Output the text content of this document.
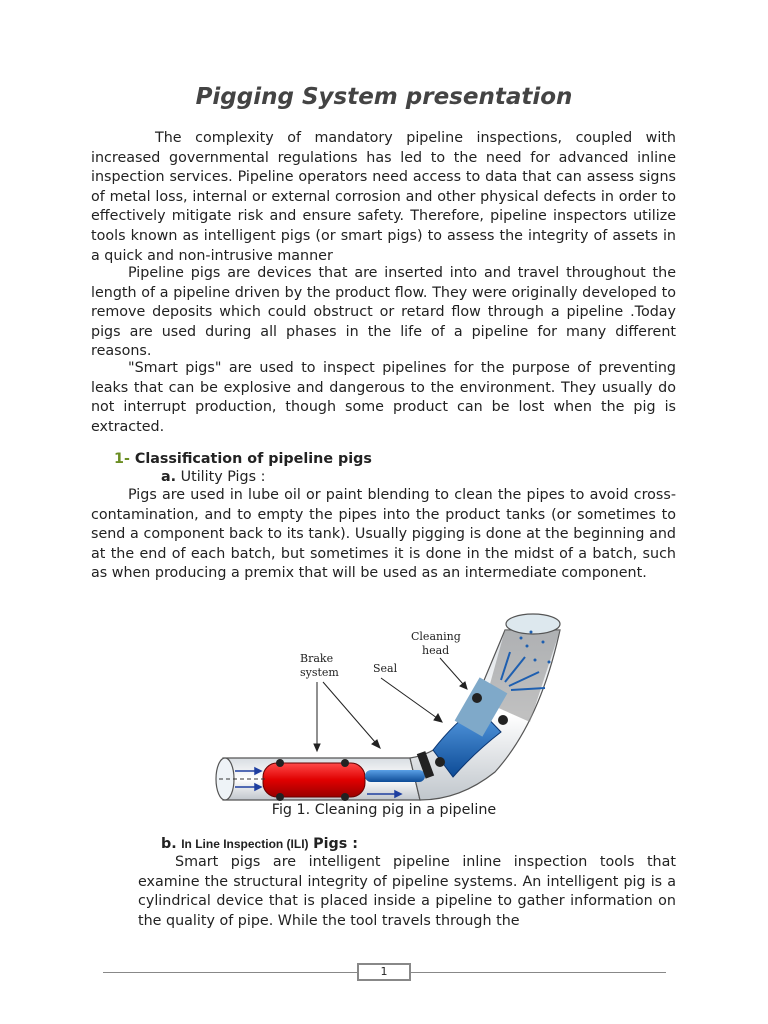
Pigging System presentation

The complexity of mandatory pipeline inspections, coupled with increased governmental regulations has led to the need for advanced inline inspection services. Pipeline operators need access to data that can assess signs of metal loss, internal or external corrosion and other physical defects in order to effectively mitigate risk and ensure safety. Therefore, pipeline inspectors utilize tools known as intelligent pigs (or smart pigs) to assess the integrity of assets in a quick and non-intrusive manner

Pipeline pigs are devices that are inserted into and travel throughout the length of a pipeline driven by the product flow. They were originally developed to remove deposits which could obstruct or retard flow through a pipeline .Today pigs are used during all phases in the life of a pipeline for many different reasons.

"Smart pigs" are used to inspect pipelines for the purpose of preventing leaks that can be explosive and dangerous to the environment. They usually do not interrupt production, though some product can be lost when the pig is extracted.

1- Classification of pipeline pigs
a. Utility Pigs :

Pigs are used in lube oil or paint blending to clean the pipes to avoid cross-contamination, and to empty the pipes into the product tanks (or sometimes to send a component back to its tank). Usually pigging is done at the beginning and at the end of each batch, but sometimes it is done in the midst of a batch, such as when producing a premix that will be used as an intermediate component.

Brake
system	Seal
Cleaning
head
Fig 1. Cleaning pig in a pipeline
b. In Line Inspection (ILI) Pigs :

Smart pigs are intelligent pipeline inline inspection tools that examine the structural integrity of pipeline systems. An intelligent pig is a cylindrical device that is placed inside a pipeline to gather information on the quality of pipe. While the tool travels through the

1
